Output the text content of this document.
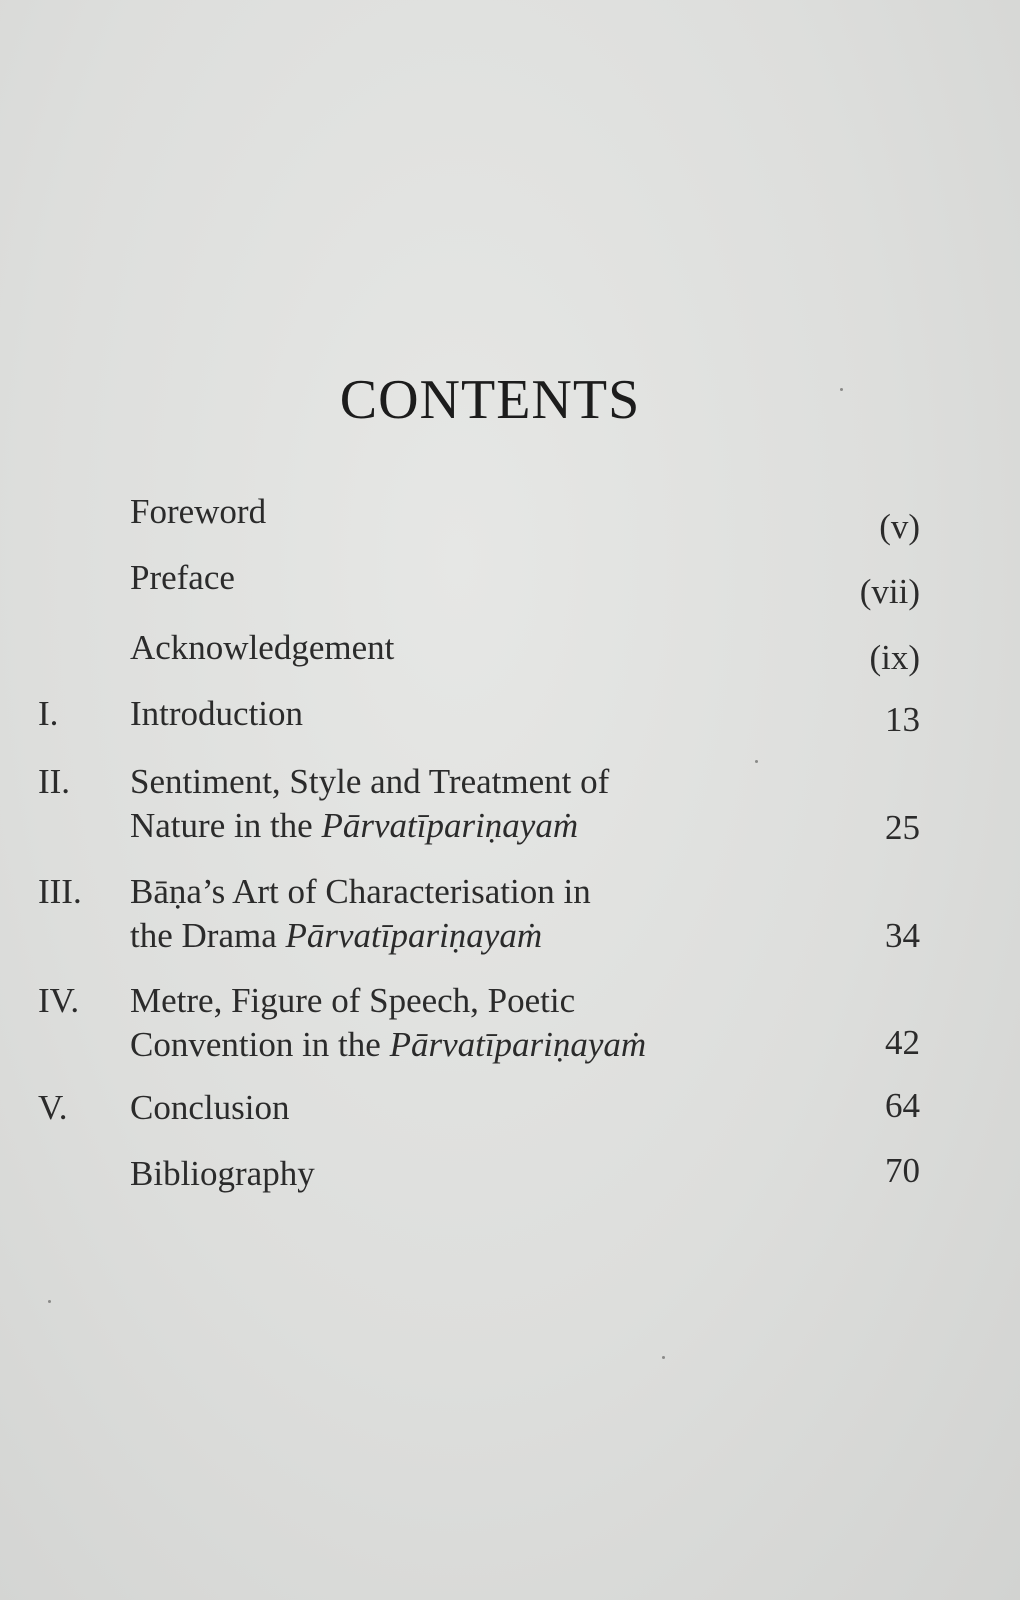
CONTENTS
Foreword	(v)
Preface	(vii)
Acknowledgement	(ix)
I. Introduction	13
II. Sentiment, Style and Treatment of
Nature in the Pārvatīpariṇayaṁ	25
III. Bāṇa’s Art of Characterisation in
the Drama Pārvatīpariṇayaṁ	34
IV. Metre, Figure of Speech, Poetic
Convention in the Pārvatīpariṇayaṁ	42
V. Conclusion	64
Bibliography	70
